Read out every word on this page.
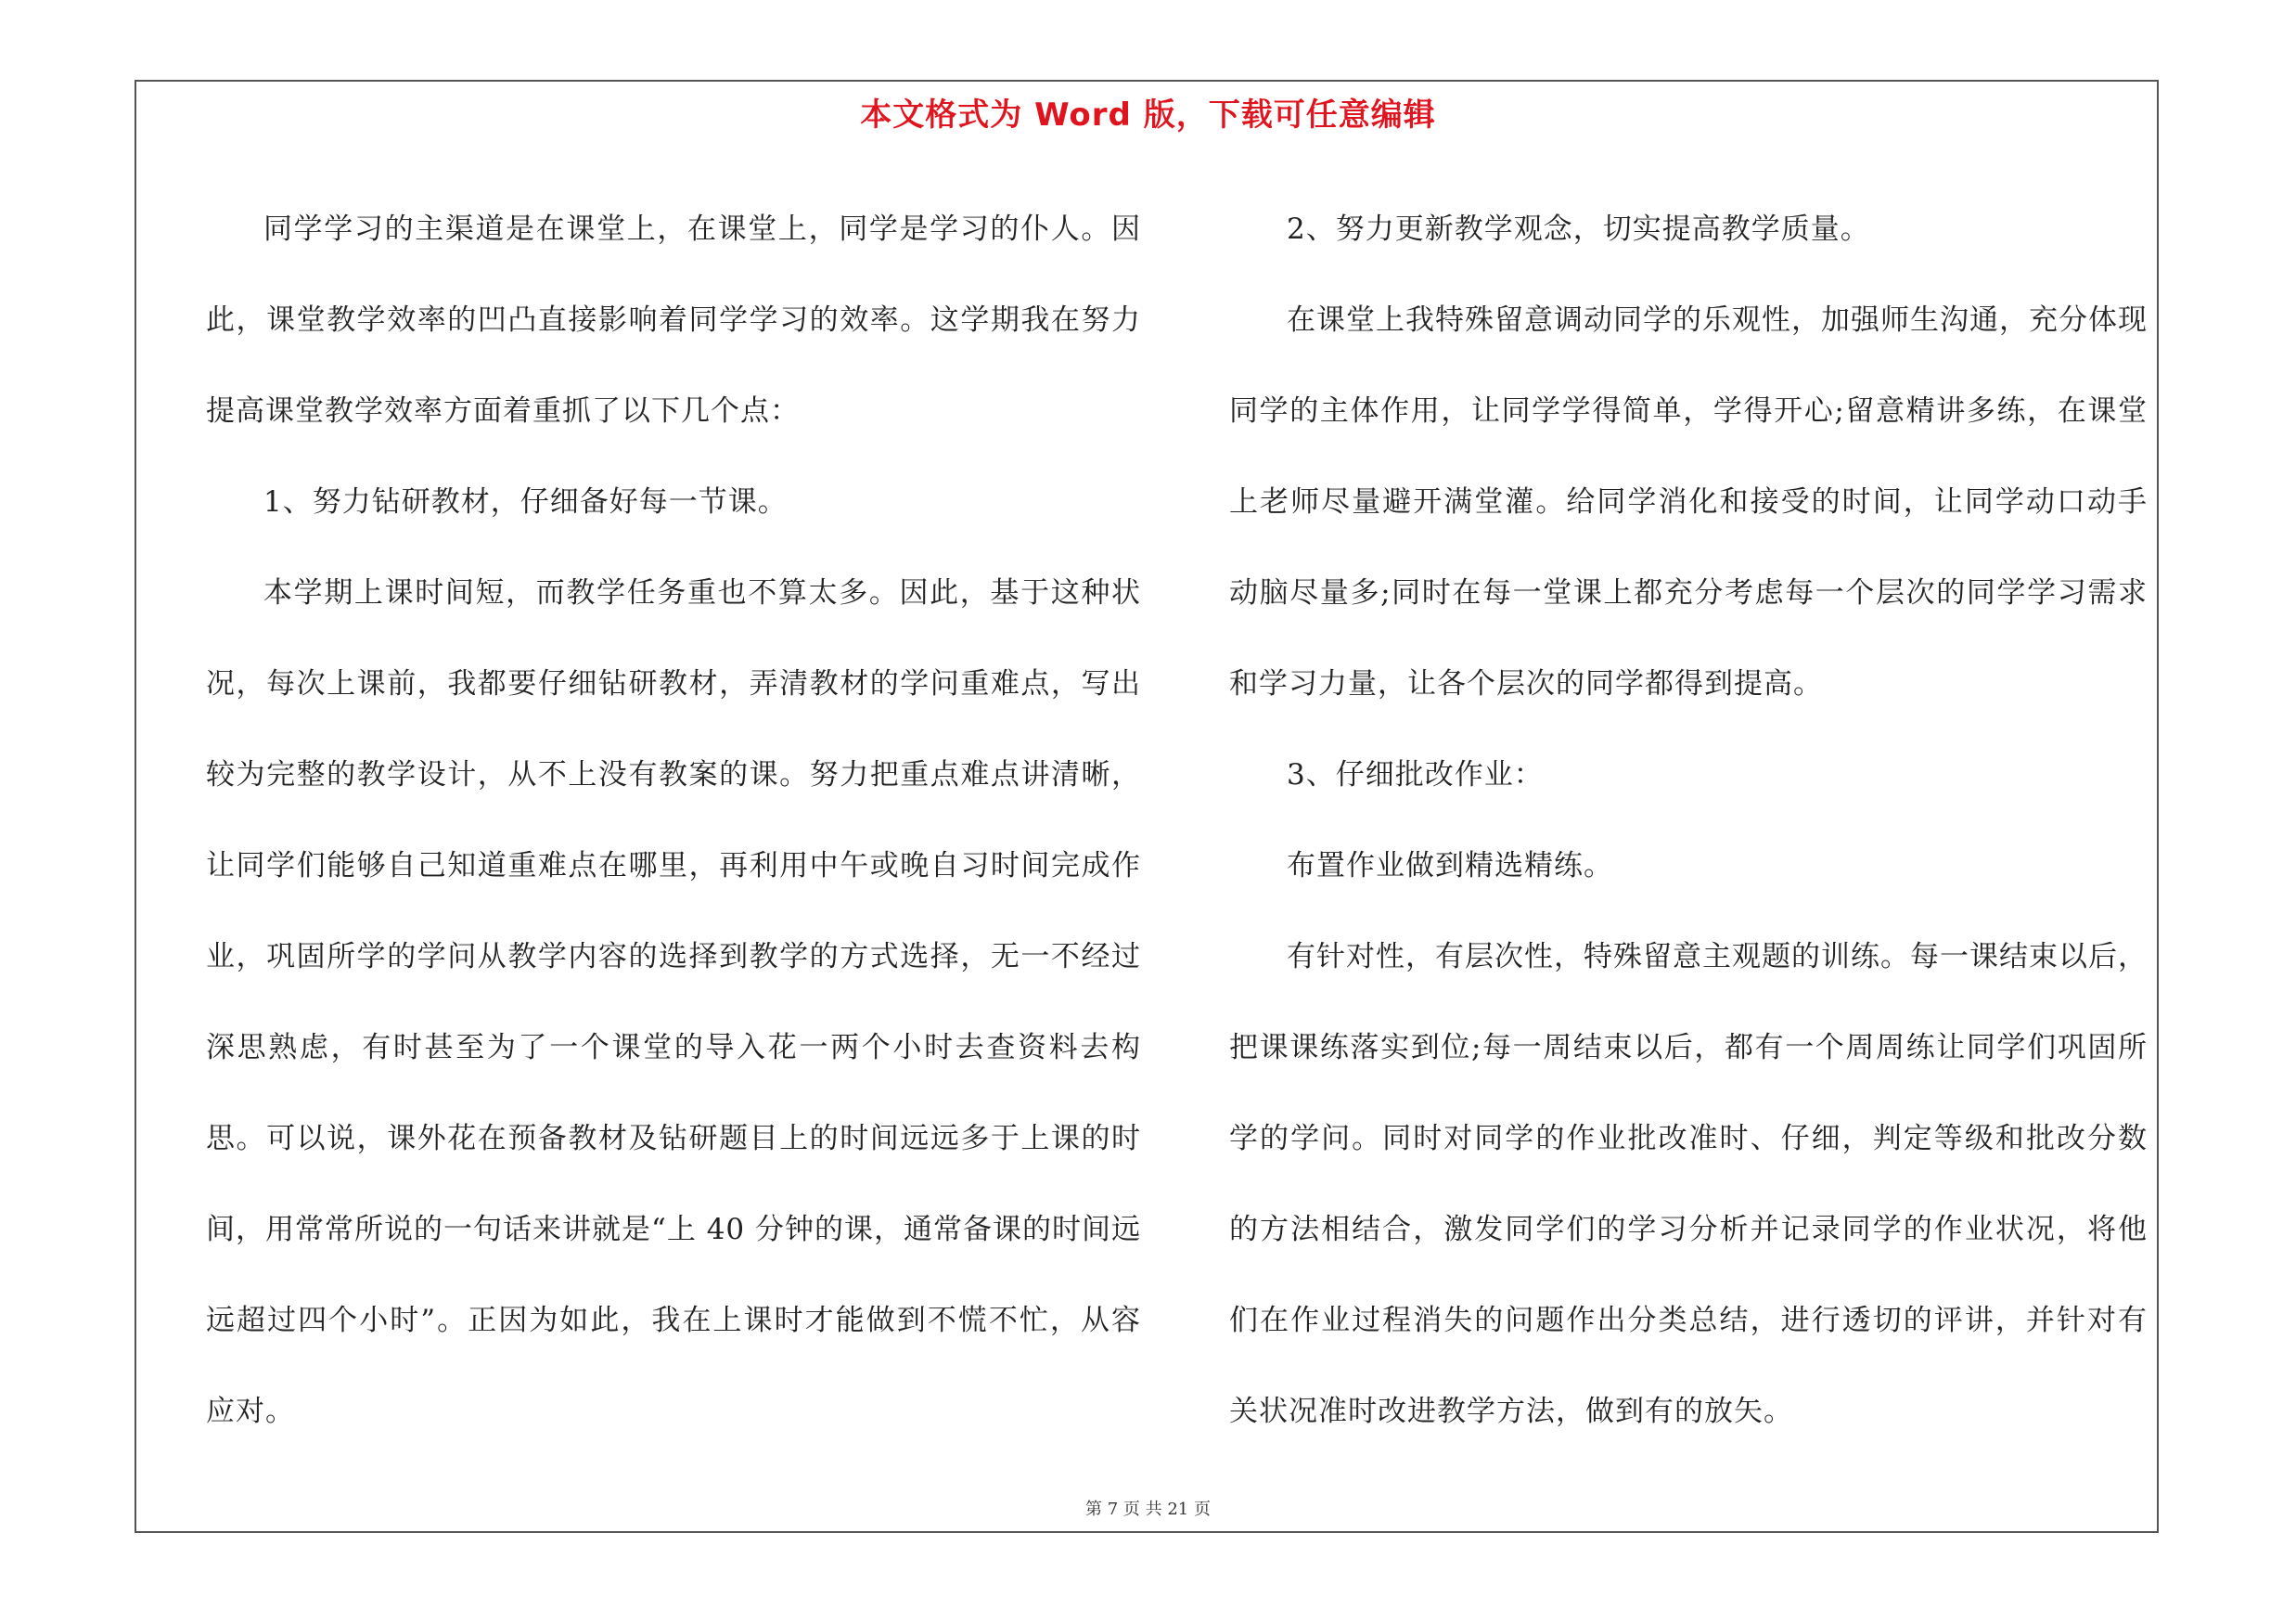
本文格式为 Word 版，下载可任意编辑

同学学习的主渠道是在课堂上，在课堂上，同学是学习的仆人。因此，课堂教学效率的凹凸直接影响着同学学习的效率。这学期我在努力提高课堂教学效率方面着重抓了以下几个点：

1、努力钻研教材，仔细备好每一节课。

本学期上课时间短，而教学任务重也不算太多。因此，基于这种状况，每次上课前，我都要仔细钻研教材，弄清教材的学问重难点，写出较为完整的教学设计，从不上没有教案的课。努力把重点难点讲清晰，让同学们能够自己知道重难点在哪里，再利用中午或晚自习时间完成作业，巩固所学的学问从教学内容的选择到教学的方式选择，无一不经过深思熟虑，有时甚至为了一个课堂的导入花一两个小时去查资料去构思。可以说，课外花在预备教材及钻研题目上的时间远远多于上课的时间，用常常所说的一句话来讲就是“上 40 分钟的课，通常备课的时间远远超过四个小时”。正因为如此，我在上课时才能做到不慌不忙，从容应对。

2、努力更新教学观念，切实提高教学质量。

在课堂上我特殊留意调动同学的乐观性，加强师生沟通，充分体现同学的主体作用，让同学学得简单，学得开心;留意精讲多练，在课堂上老师尽量避开满堂灌。给同学消化和接受的时间，让同学动口动手动脑尽量多;同时在每一堂课上都充分考虑每一个层次的同学学习需求和学习力量，让各个层次的同学都得到提高。

3、仔细批改作业：

布置作业做到精选精练。

有针对性，有层次性，特殊留意主观题的训练。每一课结束以后，把课课练落实到位;每一周结束以后，都有一个周周练让同学们巩固所学的学问。同时对同学的作业批改准时、仔细，判定等级和批改分数的方法相结合，激发同学们的学习分析并记录同学的作业状况，将他们在作业过程消失的问题作出分类总结，进行透切的评讲，并针对有关状况准时改进教学方法，做到有的放矢。

第 7 页 共 21 页
